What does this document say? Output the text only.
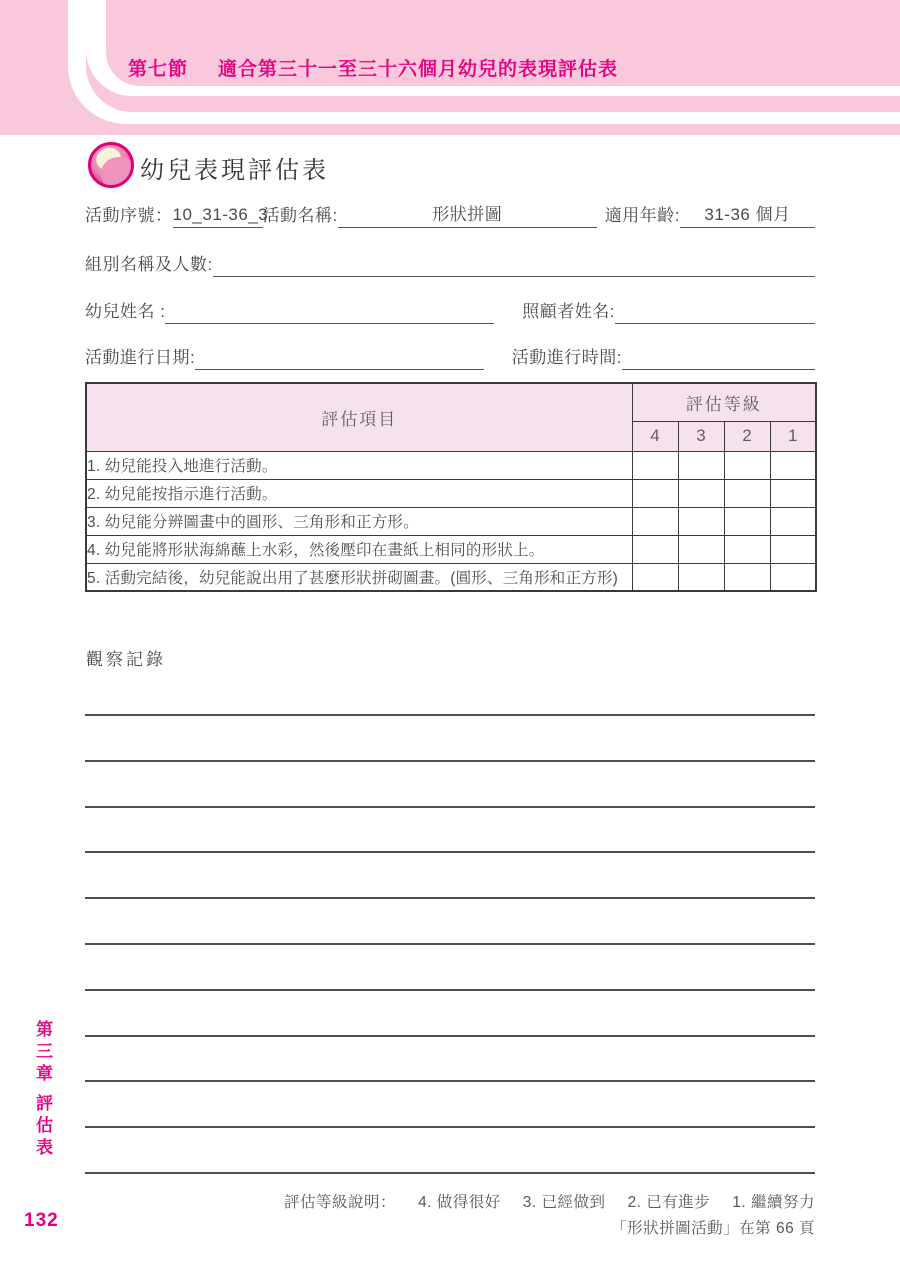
第七節 適合第三十一至三十六個月幼兒的表現評估表
幼兒表現評估表
活動序號： 10_31-36_3
活動名稱:	形狀拼圖	適用年齡:	31-36 個月
組別名稱及人數:
幼兒姓名 :	照顧者姓名:
活動進行日期:	活動進行時間:
評估項目	評估等級			
	4	3	2	1
1. 幼兒能投入地進行活動。				
2. 幼兒能按指示進行活動。				
3. 幼兒能分辨圖畫中的圓形、三角形和正方形。				
4. 幼兒能將形狀海綿蘸上水彩，然後壓印在畫紙上相同的形狀上。				
5. 活動完結後，幼兒能說出用了甚麼形狀拼砌圖畫。(圓形、三角形和正方形)				
觀察記錄
評估等級說明： 4. 做得很好 3. 已經做到 2. 已有進步 1. 繼續努力
「形狀拼圖活動」在第 66 頁
第三章
評估表
132
